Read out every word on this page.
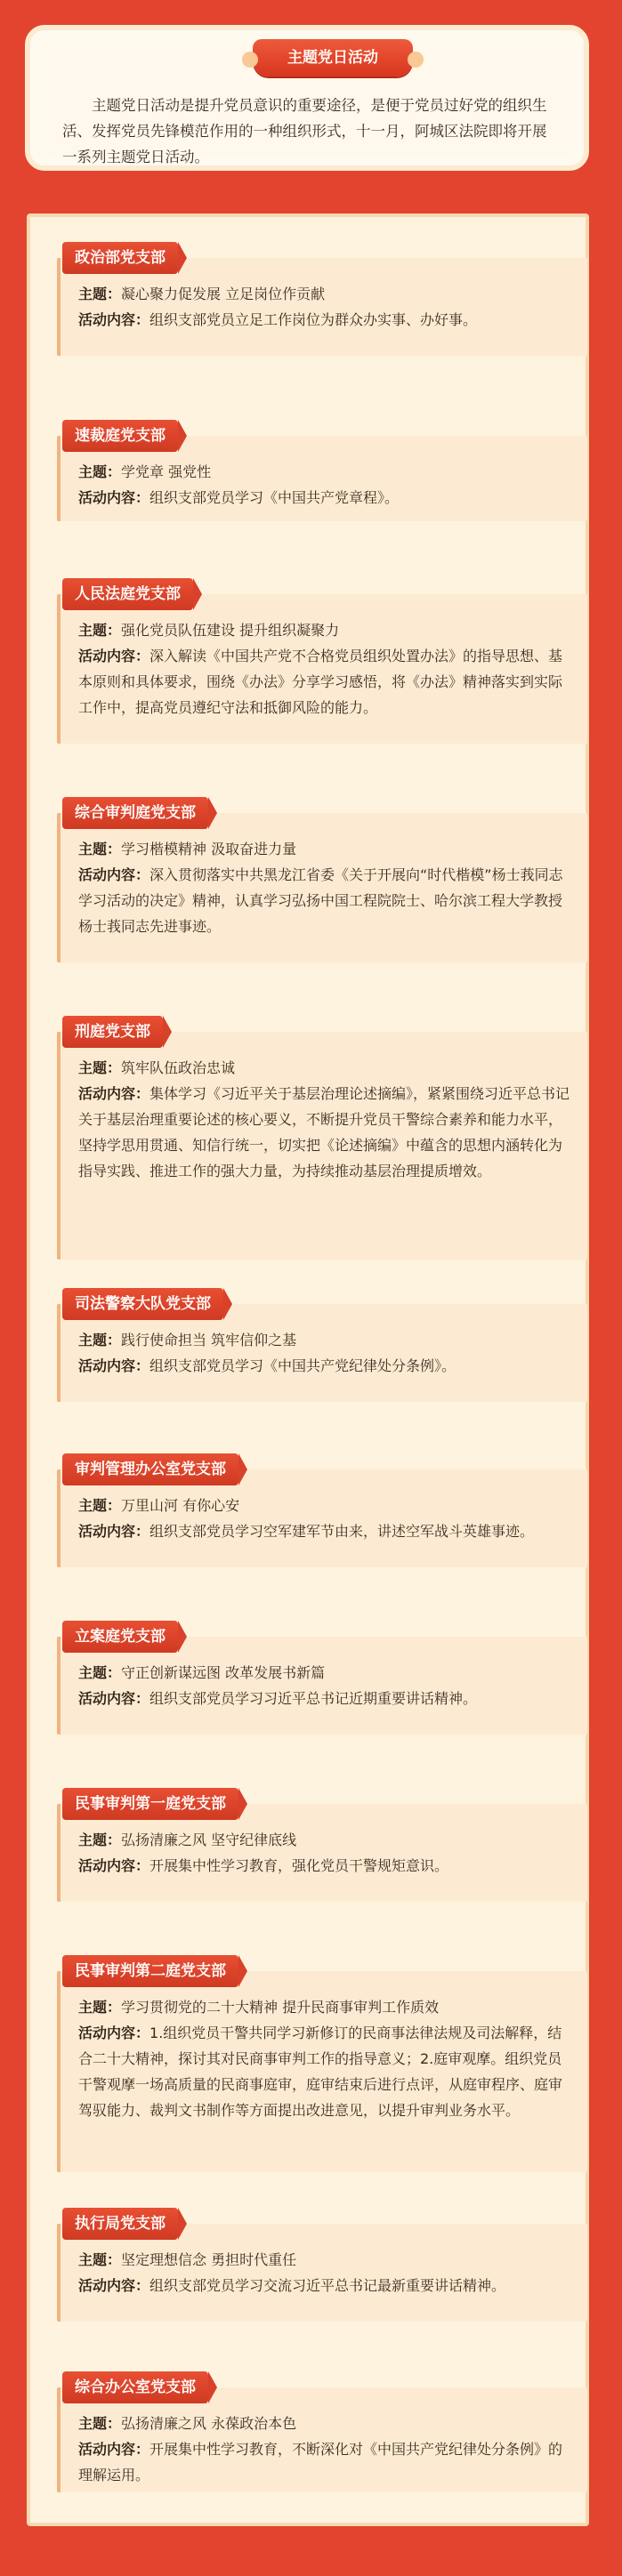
主题党日活动

主题党日活动是提升党员意识的重要途径，是便于党员过好党的组织生活、发挥党员先锋模范作用的一种组织形式，十一月，阿城区法院即将开展一系列主题党日活动。

政治部党支部

主题：凝心聚力促发展 立足岗位作贡献

活动内容：组织支部党员立足工作岗位为群众办实事、办好事。

速裁庭党支部

主题：学党章 强党性

活动内容：组织支部党员学习《中国共产党章程》。

人民法庭党支部

主题：强化党员队伍建设 提升组织凝聚力

活动内容：深入解读《中国共产党不合格党员组织处置办法》的指导思想、基本原则和具体要求，围绕《办法》分享学习感悟，将《办法》精神落实到实际工作中，提高党员遵纪守法和抵御风险的能力。

综合审判庭党支部

主题：学习楷模精神 汲取奋进力量

活动内容：深入贯彻落实中共黑龙江省委《关于开展向“时代楷模”杨士莪同志学习活动的决定》精神，认真学习弘扬中国工程院院士、哈尔滨工程大学教授杨士莪同志先进事迹。

刑庭党支部

主题：筑牢队伍政治忠诚

活动内容：集体学习《习近平关于基层治理论述摘编》，紧紧围绕习近平总书记关于基层治理重要论述的核心要义，不断提升党员干警综合素养和能力水平，坚持学思用贯通、知信行统一，切实把《论述摘编》中蕴含的思想内涵转化为指导实践、推进工作的强大力量，为持续推动基层治理提质增效。

司法警察大队党支部

主题：践行使命担当 筑牢信仰之基

活动内容：组织支部党员学习《中国共产党纪律处分条例》。

审判管理办公室党支部

主题：万里山河 有你心安

活动内容：组织支部党员学习空军建军节由来，讲述空军战斗英雄事迹。

立案庭党支部

主题：守正创新谋远图 改革发展书新篇

活动内容：组织支部党员学习习近平总书记近期重要讲话精神。

民事审判第一庭党支部

主题：弘扬清廉之风 坚守纪律底线

活动内容：开展集中性学习教育，强化党员干警规矩意识。

民事审判第二庭党支部

主题：学习贯彻党的二十大精神 提升民商事审判工作质效

活动内容：1.组织党员干警共同学习新修订的民商事法律法规及司法解释，结合二十大精神，探讨其对民商事审判工作的指导意义；2.庭审观摩。组织党员干警观摩一场高质量的民商事庭审，庭审结束后进行点评，从庭审程序、庭审驾驭能力、裁判文书制作等方面提出改进意见，以提升审判业务水平。

执行局党支部

主题：坚定理想信念 勇担时代重任

活动内容：组织支部党员学习交流习近平总书记最新重要讲话精神。

综合办公室党支部

主题：弘扬清廉之风 永葆政治本色

活动内容：开展集中性学习教育，不断深化对《中国共产党纪律处分条例》的理解运用。
